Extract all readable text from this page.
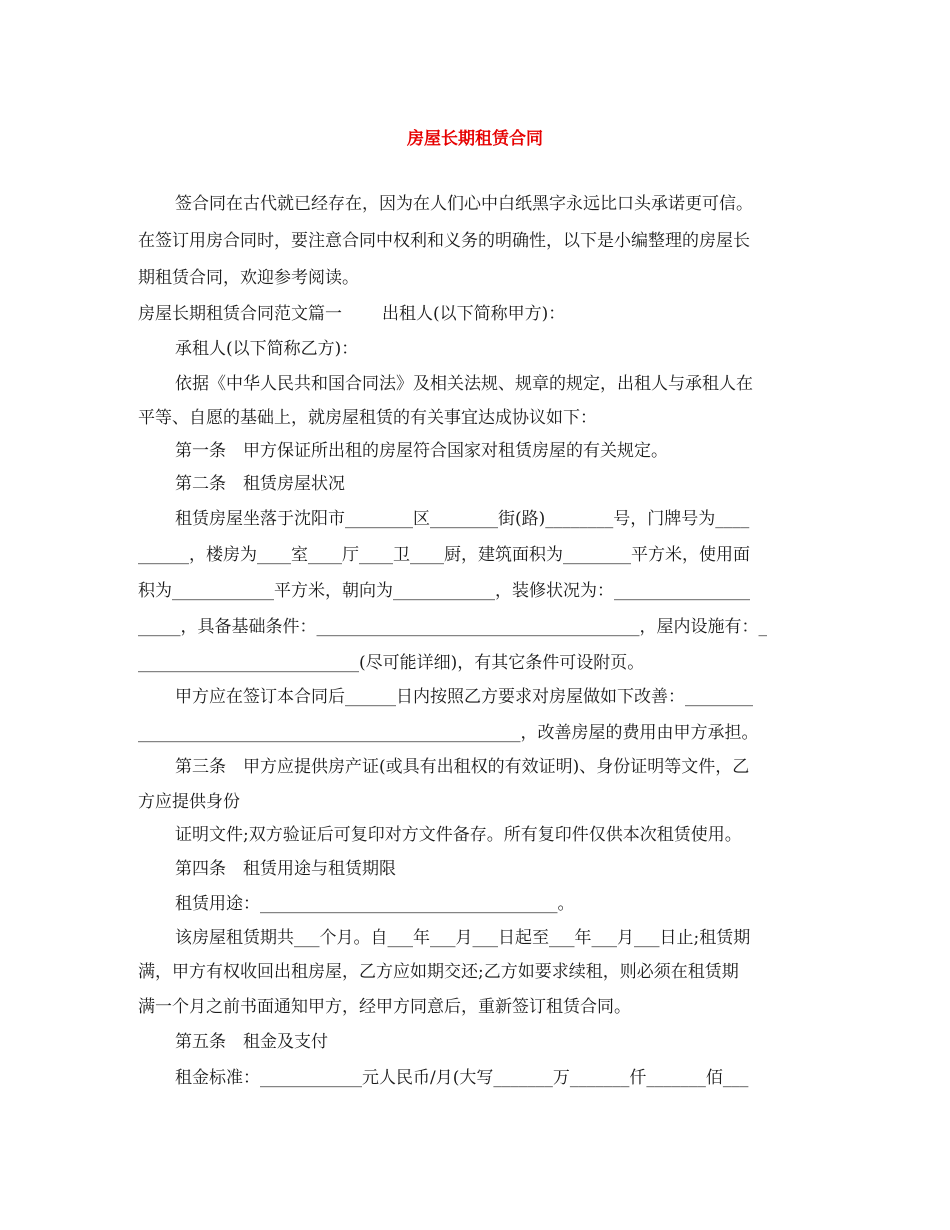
房屋长期租赁合同
签合同在古代就已经存在，因为在人们心中白纸黑字永远比口头承诺更可信。
在签订用房合同时，要注意合同中权利和义务的明确性，以下是小编整理的房屋长
期租赁合同，欢迎参考阅读。
房屋长期租赁合同范文篇一 出租人(以下简称甲方)：
承租人(以下简称乙方)：
依据《中华人民共和国合同法》及相关法规、规章的规定，出租人与承租人在
平等、自愿的基础上，就房屋租赁的有关事宜达成协议如下：
第一条　甲方保证所出租的房屋符合国家对租赁房屋的有关规定。
第二条　租赁房屋状况
租赁房屋坐落于沈阳市________区________街(路)________号，门牌号为____
______，楼房为____室____厅____卫____厨，建筑面积为________平方米，使用面
积为____________平方米，朝向为____________，装修状况为：________________
_____，具备基础条件：______________________________________，屋内设施有：_
__________________________(尽可能详细)，有其它条件可设附页。
甲方应在签订本合同后______日内按照乙方要求对房屋做如下改善：________
_____________________________________________，改善房屋的费用由甲方承担。
第三条　甲方应提供房产证(或具有出租权的有效证明)、身份证明等文件，乙
方应提供身份
证明文件;双方验证后可复印对方文件备存。所有复印件仅供本次租赁使用。
第四条　租赁用途与租赁期限
租赁用途：___________________________________。
该房屋租赁期共___个月。自___年___月___日起至___年___月___日止;租赁期
满，甲方有权收回出租房屋，乙方应如期交还;乙方如要求续租，则必须在租赁期
满一个月之前书面通知甲方，经甲方同意后，重新签订租赁合同。
第五条　租金及支付
租金标准：____________元人民币/月(大写_______万_______仟_______佰___
